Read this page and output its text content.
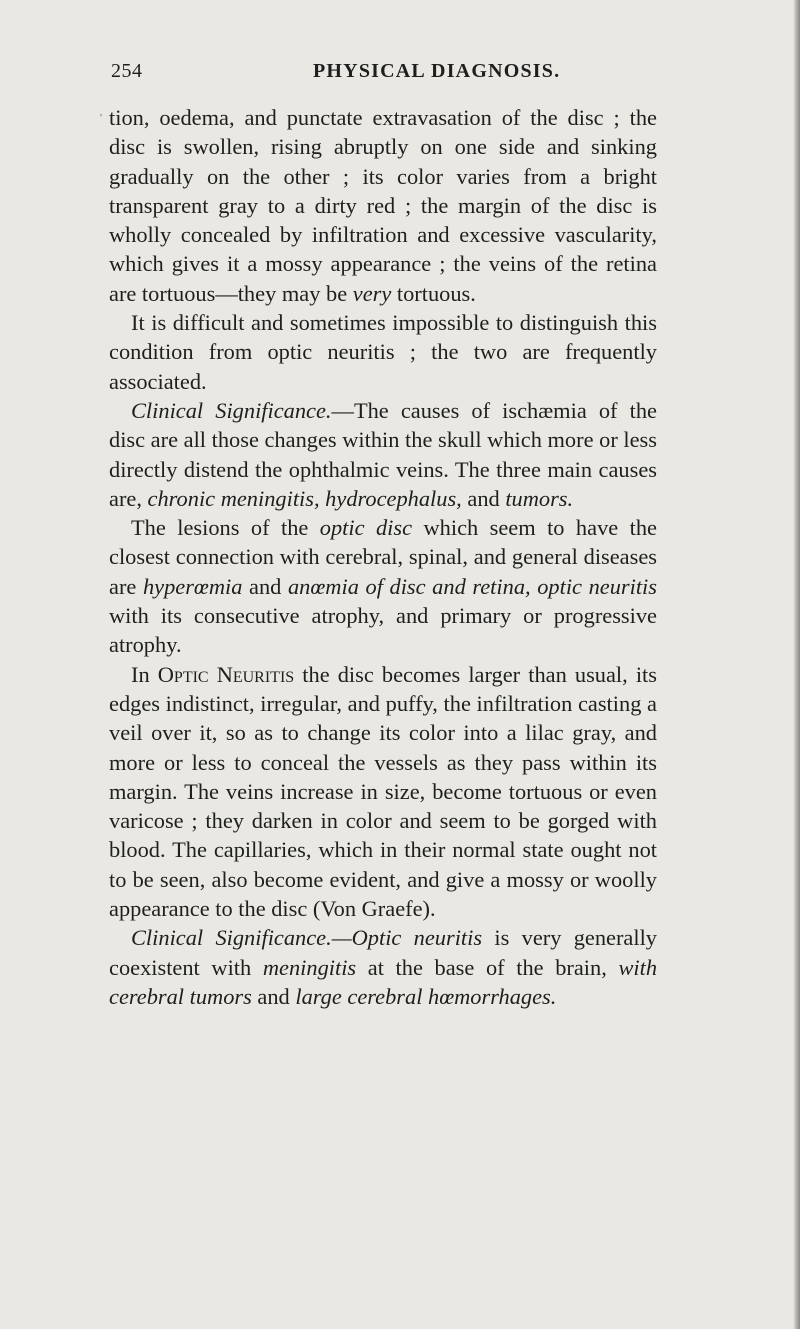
254	PHYSICAL DIAGNOSIS.
ʹ tion, oedema, and punctate extravasation of the disc ; the disc is swollen, rising abruptly on one side and sinking gradually on the other ; its color varies from a bright transparent gray to a dirty red ; the margin of the disc is wholly concealed by infiltration and excessive vascularity, which gives it a mossy appearance ; the veins of the retina are tortuous—they may be very tortuous.

It is difficult and sometimes impossible to distinguish this condition from optic neuritis ; the two are frequently associated.

Clinical Significance.—The causes of ischæmia of the disc are all those changes within the skull which more or less directly distend the ophthalmic veins. The three main causes are, chronic meningitis, hydrocephalus, and tumors.

The lesions of the optic disc which seem to have the closest connection with cerebral, spinal, and general diseases are hyperœmia and anœmia of disc and retina, optic neuritis with its consecutive atrophy, and primary or progressive atrophy.

In Optic Neuritis the disc becomes larger than usual, its edges indistinct, irregular, and puffy, the infiltration casting a veil over it, so as to change its color into a lilac gray, and more or less to conceal the vessels as they pass within its margin. The veins increase in size, become tortuous or even varicose ; they darken in color and seem to be gorged with blood. The capillaries, which in their normal state ought not to be seen, also become evident, and give a mossy or woolly appearance to the disc (Von Graefe).

Clinical Significance.—Optic neuritis is very generally coexistent with meningitis at the base of the brain, with cerebral tumors and large cerebral hœmorrhages.
